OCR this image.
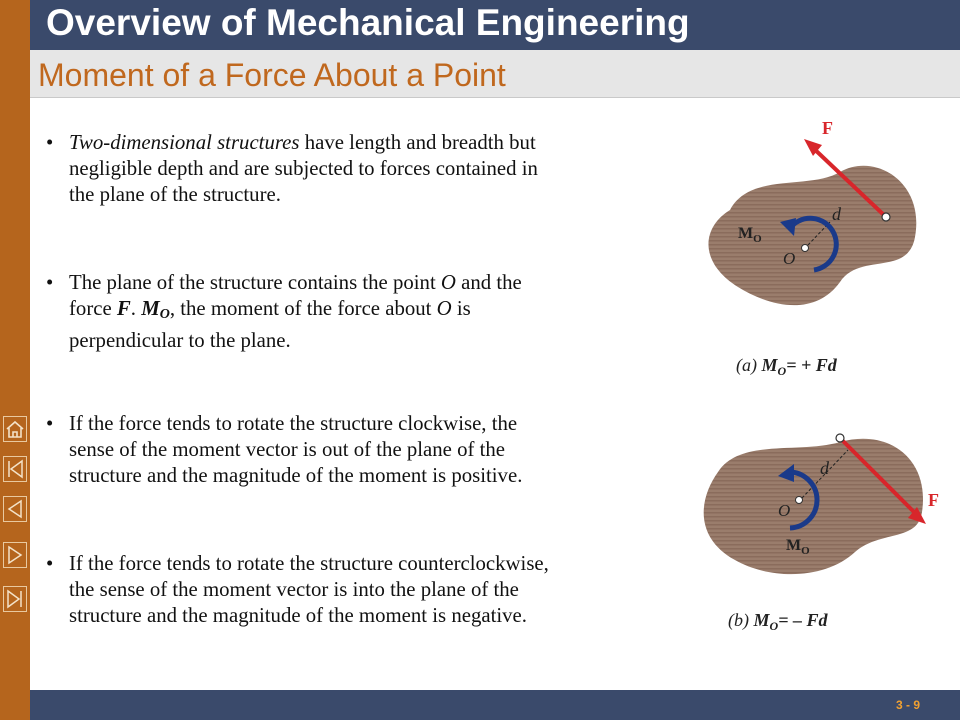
Overview of Mechanical Engineering
Moment of a Force About a Point
• Two-dimensional structures have length and breadth but
negligible depth and are subjected to forces contained in
the plane of the structure.
• The plane of the structure contains the point O and the
force F. $M_O$, the moment of the force about O is
perpendicular to the plane.
• If the force tends to rotate the structure clockwise, the
sense of the moment vector is out of the plane of the
structure and the magnitude of the moment is positive.
• If the force tends to rotate the structure counterclockwise,
the sense of the moment vector is into the plane of the
structure and the magnitude of the moment is negative.
F
d
O
$M_O$
(a) $M_O= + Fd$
F
d
O
$M_O$
(b) $M_O= - Fd$
3 - 9
